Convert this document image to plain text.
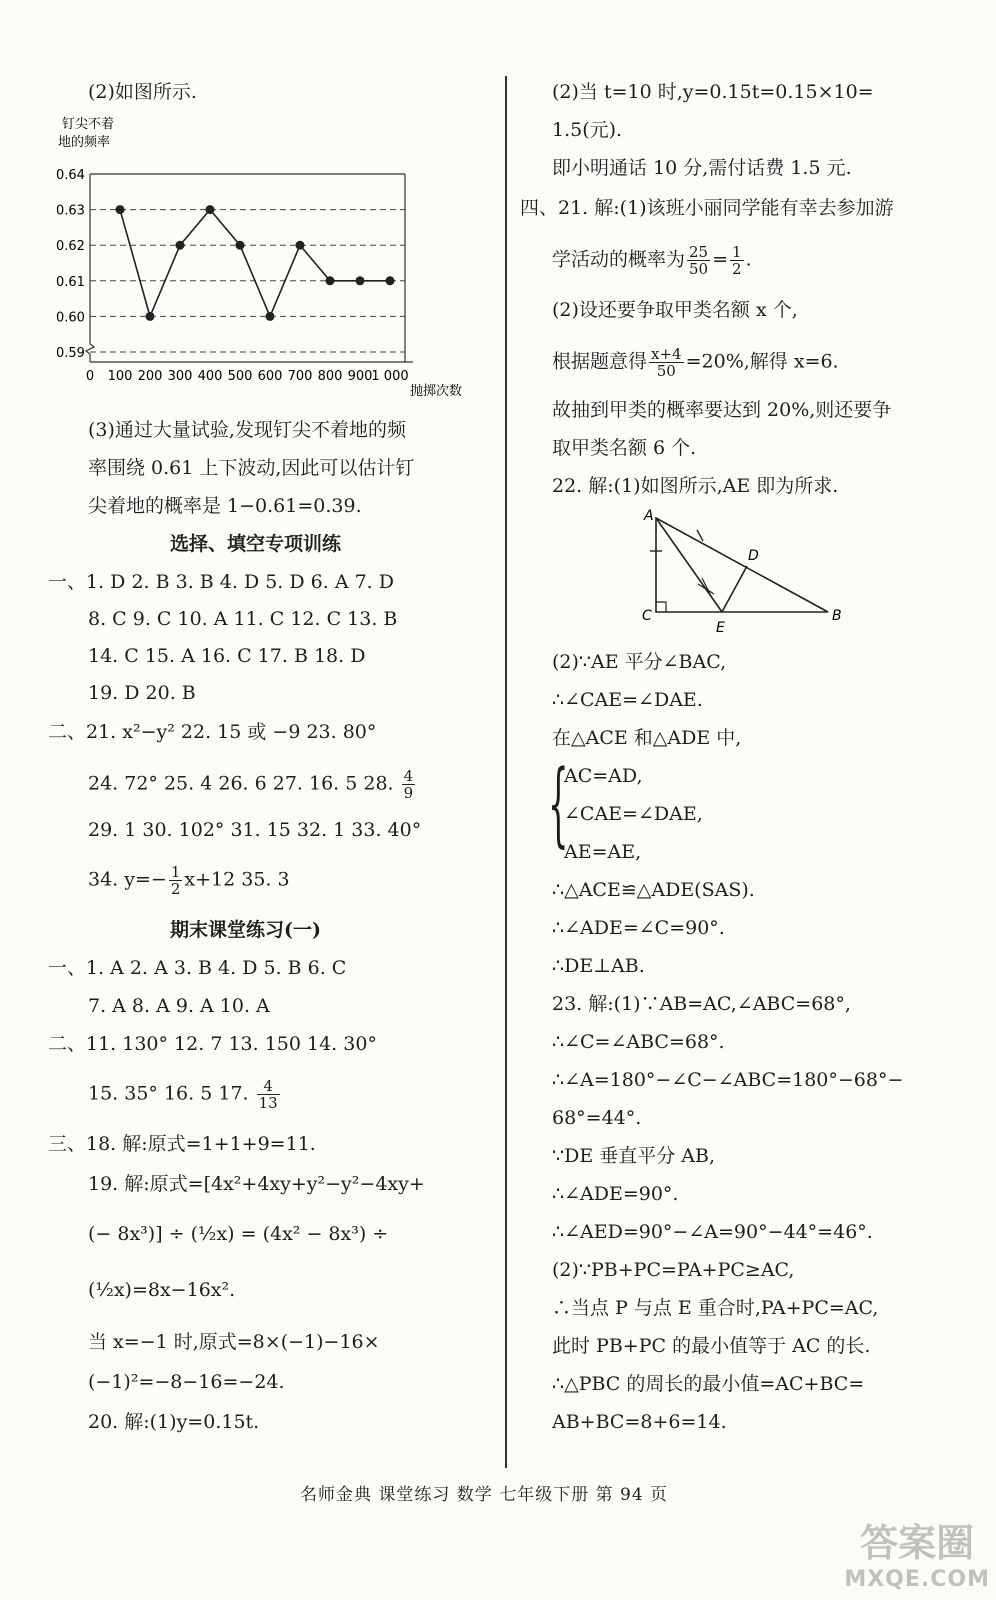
(2)如图所示.
钉尖不着
地的频率
0.59
0.60
0.61
0.62
0.63
0.64
0 100 200 300 400 500 600 700 800 900
1 000
抛掷次数
(3)通过大量试验,发现钉尖不着地的频
率围绕 0.61 上下波动,因此可以估计钉
尖着地的概率是 1−0.61=0.39.
选择、填空专项训练
一、1. D 2. B 3. B 4. D 5. D 6. A 7. D
8. C 9. C 10. A 11. C 12. C 13. B
14. C 15. A 16. C 17. B 18. D
19. D 20. B
二、21. x²−y² 22. 15 或 −9 23. 80°
24. 72° 25. 4 26. 6 27. 16. 5 28. $\frac{4}{9}$
29. 1 30. 102° 31. 15 32. 1 33. 40°
34. $y=- \frac{1}{2} x+12$ 35. 3
期末课堂练习(一)
一、1. A 2. A 3. B 4. D 5. B 6. C
7. A 8. A 9. A 10. A
二、11. 130° 12. 7 13. 150 14. 30°
15. 35° 16. 5 17. $\frac{4}{13}$
三、18. 解:原式=1+1+9=11.
19. 解:原式=[4x²+4xy+y²−y²−4xy+
(− 8x³)] ÷ (½x) = (4x² − 8x³) ÷
(½x)=8x−16x².
当 x=−1 时,原式=8×(−1)−16×
(−1)²=−8−16=−24.
20. 解:(1)y=0.15t.
(2)当 t=10 时,y=0.15t=0.15×10=
1.5(元).
即小明通话 10 分,需付话费 1.5 元.
四、21. 解:(1)该班小丽同学能有幸去参加游
学活动的概率为 $\frac{25}{50} = \frac{1}{2}$ .
(2)设还要争取甲类名额 x 个,
根据题意得 $\frac{x+4}{50} =20\%$,解得 x=6.
故抽到甲类的概率要达到 20%,则还要争
取甲类名额 6 个.
22. 解:(1)如图所示,AE 即为所求.
A
C
E
B
D
(2)∵AE 平分∠BAC,
∴∠CAE=∠DAE.
在△ACE 和△ADE 中,
{
AC=AD,
∠CAE=∠DAE,
AE=AE,
∴△ACE≌△ADE(SAS).
∴∠ADE=∠C=90°.
∴DE⊥AB.
23. 解:(1)∵AB=AC,∠ABC=68°,
∴∠C=∠ABC=68°.
∴∠A=180°−∠C−∠ABC=180°−68°−
68°=44°.
∵DE 垂直平分 AB,
∴∠ADE=90°.
∴∠AED=90°−∠A=90°−44°=46°.
(2)∵PB+PC=PA+PC≥AC,
∴当点 P 与点 E 重合时,PA+PC=AC,
此时 PB+PC 的最小值等于 AC 的长.
∴△PBC 的周长的最小值=AC+BC=
AB+BC=8+6=14.
名师金典 课堂练习 数学 七年级下册 第 94 页
答案圈
MXQE.COM
